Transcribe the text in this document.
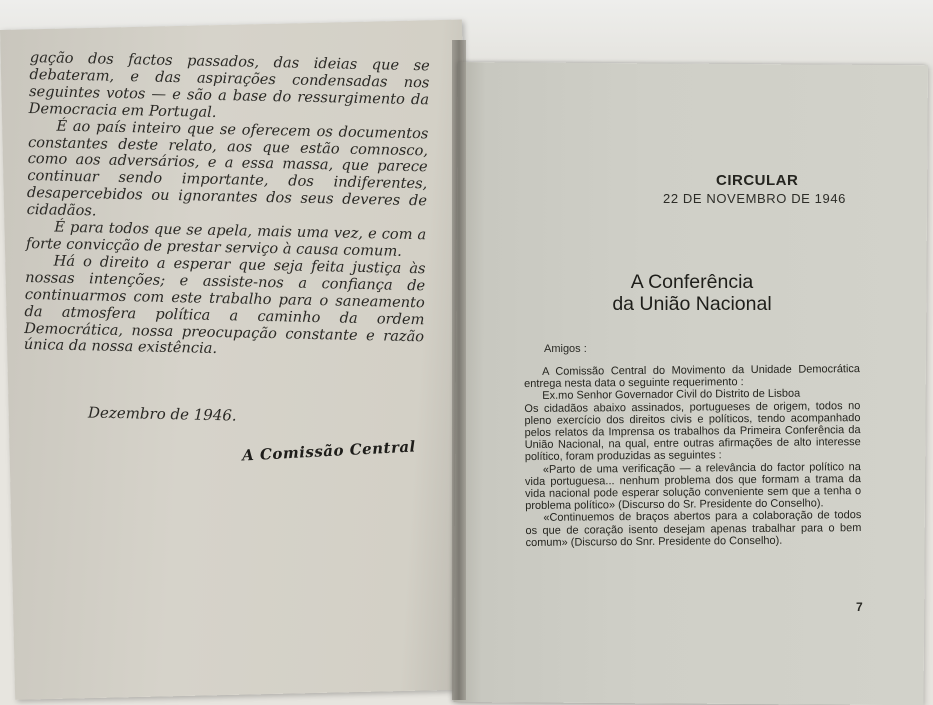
gação dos factos passados, das ideias que se debateram, e das aspirações condensadas nos seguintes votos — e são a base do ressurgimento da Democracia em Portugal.

É ao país inteiro que se oferecem os documentos constantes deste relato, aos que estão comnosco, como aos adversários, e a essa massa, que parece continuar sendo importante, dos indiferentes, desapercebidos ou ignorantes dos seus deveres de cidadãos.

É para todos que se apela, mais uma vez, e com a forte convicção de prestar serviço à causa comum.

Há o direito a esperar que seja feita justiça às nossas intenções; e assiste-nos a confiança de continuarmos com este trabalho para o saneamento da atmosfera política a caminho da ordem Democrática, nossa preocupação constante e razão única da nossa existência.

Dezembro de 1946.
A Comissão Central
CIRCULAR
22 DE NOVEMBRO DE 1946
A Conferência
da União Nacional
Amigos :

A Comissão Central do Movimento da Unidade Democrática entrega nesta data o seguinte requerimento :

Ex.mo Senhor Governador Civil do Distrito de Lisboa

Os cidadãos abaixo assinados, portugueses de origem, todos no pleno exercício dos direitos civis e políticos, tendo acompanhado pelos relatos da Imprensa os trabalhos da Primeira Conferência da União Nacional, na qual, entre outras afirmações de alto interesse político, foram produzidas as seguintes :

«Parto de uma verificação — a relevância do factor político na vida portuguesa... nenhum problema dos que formam a trama da vida nacional pode esperar solução conveniente sem que a tenha o problema político» (Discurso do Sr. Presidente do Conselho).

«Continuemos de braços abertos para a colaboração de todos os que de coração isento desejam apenas trabalhar para o bem comum» (Discurso do Snr. Presidente do Conselho).

7
